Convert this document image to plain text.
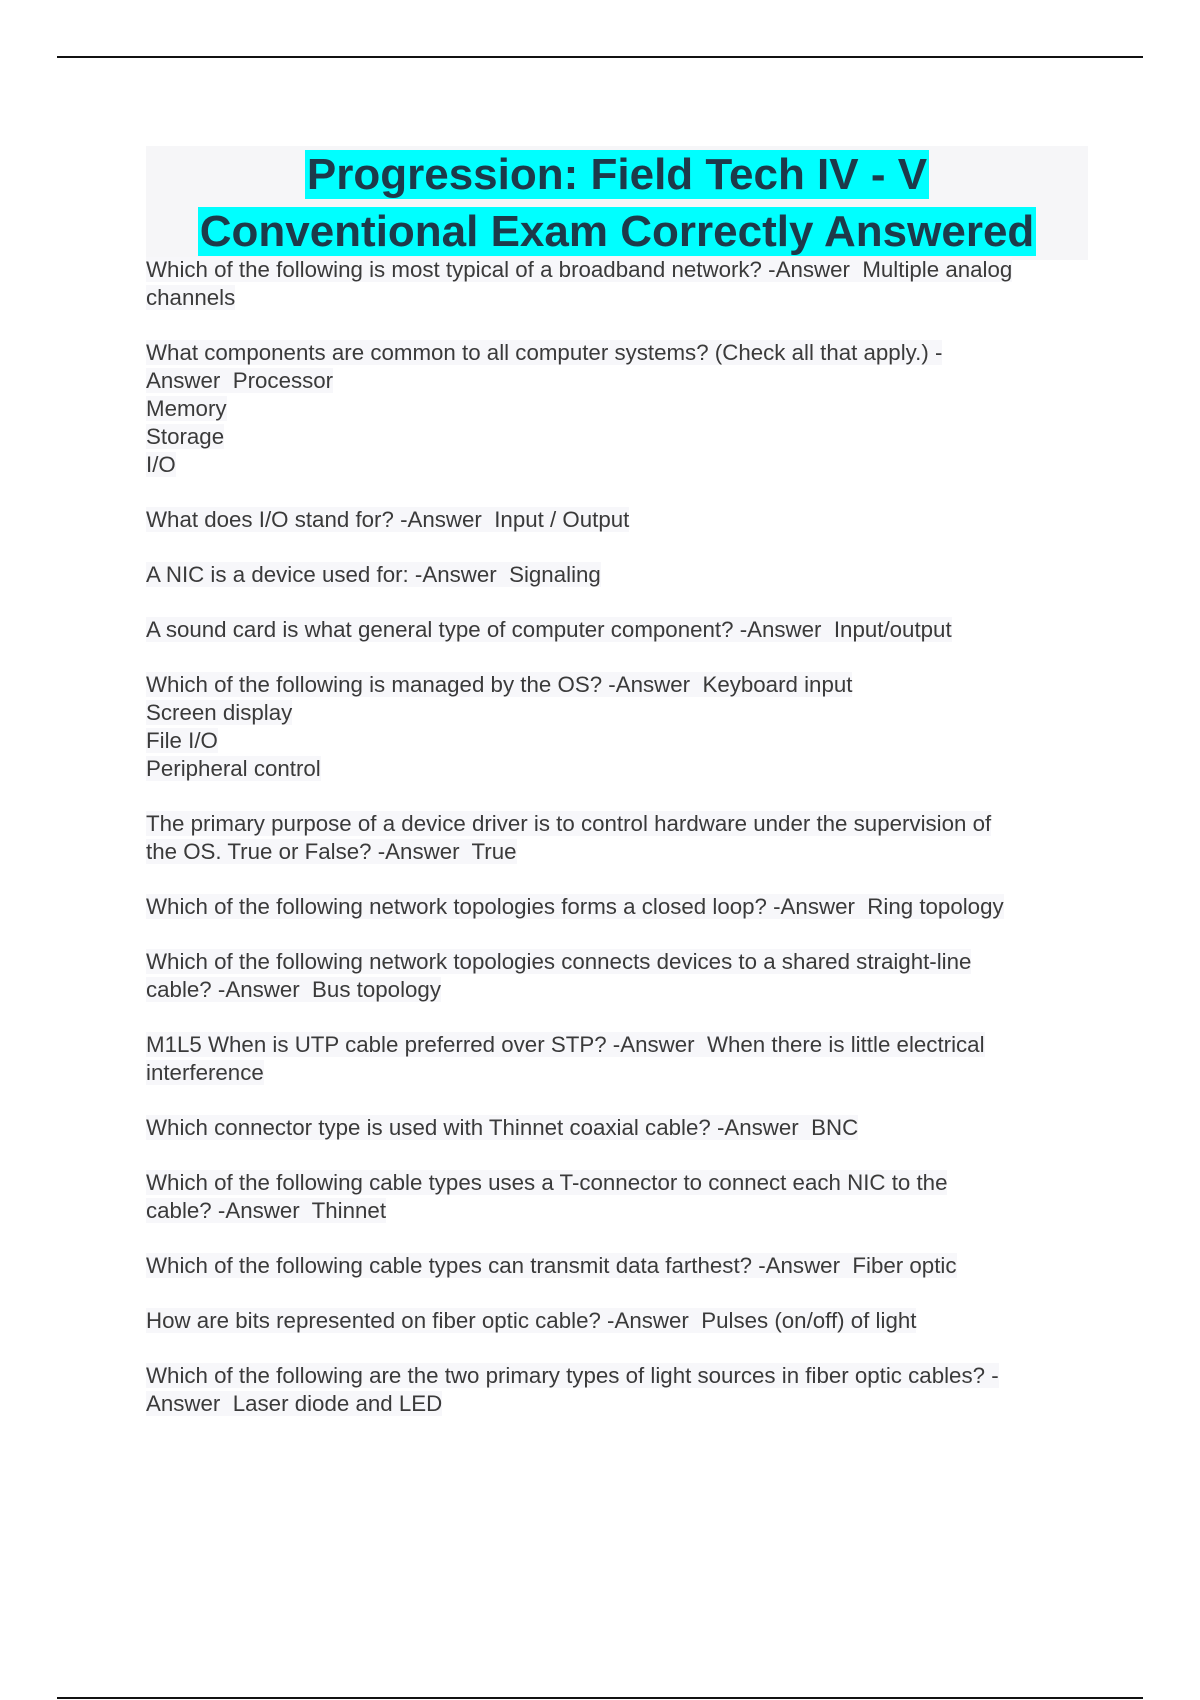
Progression: Field Tech IV - V
Conventional Exam Correctly Answered
Which of the following is most typical of a broadband network? -Answer  Multiple analog
channels
What components are common to all computer systems? (Check all that apply.) -
Answer  Processor
Memory
Storage
I/O
What does I/O stand for? -Answer  Input / Output
A NIC is a device used for: -Answer  Signaling
A sound card is what general type of computer component? -Answer  Input/output
Which of the following is managed by the OS? -Answer  Keyboard input
Screen display
File I/O
Peripheral control
The primary purpose of a device driver is to control hardware under the supervision of
the OS. True or False? -Answer  True
Which of the following network topologies forms a closed loop? -Answer  Ring topology
Which of the following network topologies connects devices to a shared straight-line
cable? -Answer  Bus topology
M1L5 When is UTP cable preferred over STP? -Answer  When there is little electrical
interference
Which connector type is used with Thinnet coaxial cable? -Answer  BNC
Which of the following cable types uses a T-connector to connect each NIC to the
cable? -Answer  Thinnet
Which of the following cable types can transmit data farthest? -Answer  Fiber optic
How are bits represented on fiber optic cable? -Answer  Pulses (on/off) of light
Which of the following are the two primary types of light sources in fiber optic cables? -
Answer  Laser diode and LED
